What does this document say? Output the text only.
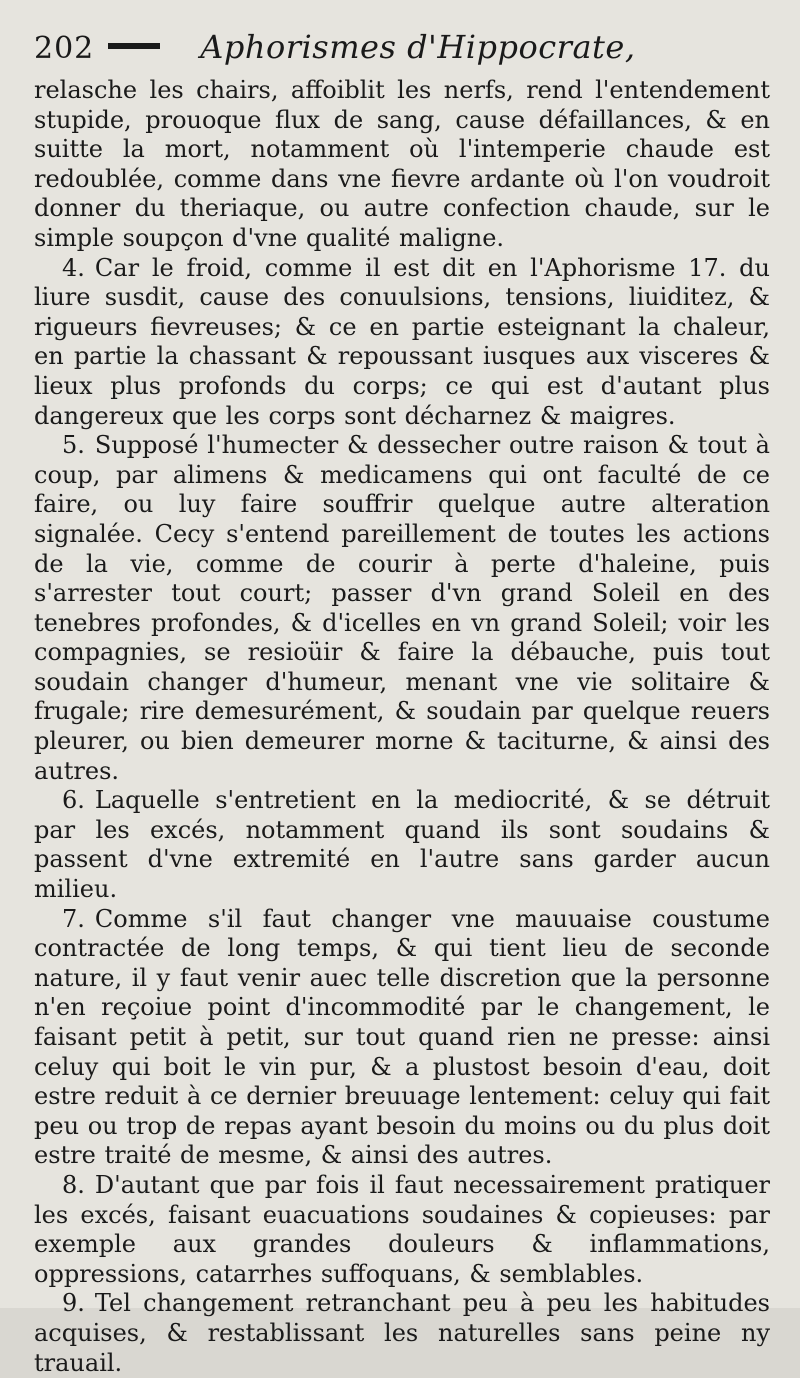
202	Aphorismes d'Hippocrate,

relasche les chairs, affoiblit les nerfs, rend l'entendement stupide, prouoque flux de sang, cause défaillances, & en suitte la mort, notamment où l'intemperie chaude est redoublée, comme dans vne fievre ardante où l'on voudroit donner du theriaque, ou autre confection chaude, sur le simple soupçon d'vne qualité maligne.

4. Car le froid, comme il est dit en l'Aphorisme 17. du liure susdit, cause des conuulsions, tensions, liuiditez, & rigueurs fievreuses; & ce en partie esteignant la chaleur, en partie la chassant & repoussant iusques aux visceres & lieux plus profonds du corps; ce qui est d'autant plus dangereux que les corps sont décharnez & maigres.

5. Supposé l'humecter & dessecher outre raison & tout à coup, par alimens & medicamens qui ont faculté de ce faire, ou luy faire souffrir quelque autre alteration signalée. Cecy s'entend pareillement de toutes les actions de la vie, comme de courir à perte d'haleine, puis s'arrester tout court; passer d'vn grand Soleil en des tenebres profondes, & d'icelles en vn grand Soleil; voir les compagnies, se resioüir & faire la débauche, puis tout soudain changer d'humeur, menant vne vie solitaire & frugale; rire demesurément, & soudain par quelque reuers pleurer, ou bien demeurer morne & taciturne, & ainsi des autres.

6. Laquelle s'entretient en la mediocrité, & se détruit par les excés, notamment quand ils sont soudains & passent d'vne extremité en l'autre sans garder aucun milieu.

7. Comme s'il faut changer vne mauuaise coustume contractée de long temps, & qui tient lieu de seconde nature, il y faut venir auec telle discretion que la personne n'en reçoiue point d'incommodité par le changement, le faisant petit à petit, sur tout quand rien ne presse: ainsi celuy qui boit le vin pur, & a plustost besoin d'eau, doit estre reduit à ce dernier breuuage lentement: celuy qui fait peu ou trop de repas ayant besoin du moins ou du plus doit estre traité de mesme, & ainsi des autres.

8. D'autant que par fois il faut necessairement pratiquer les excés, faisant euacuations soudaines & copieuses: par exemple aux grandes douleurs & inflammations, oppressions, catarrhes suffoquans, & semblables.

9. Tel changement retranchant peu à peu les habitudes acquises, & restablissant les naturelles sans peine ny trauail.
